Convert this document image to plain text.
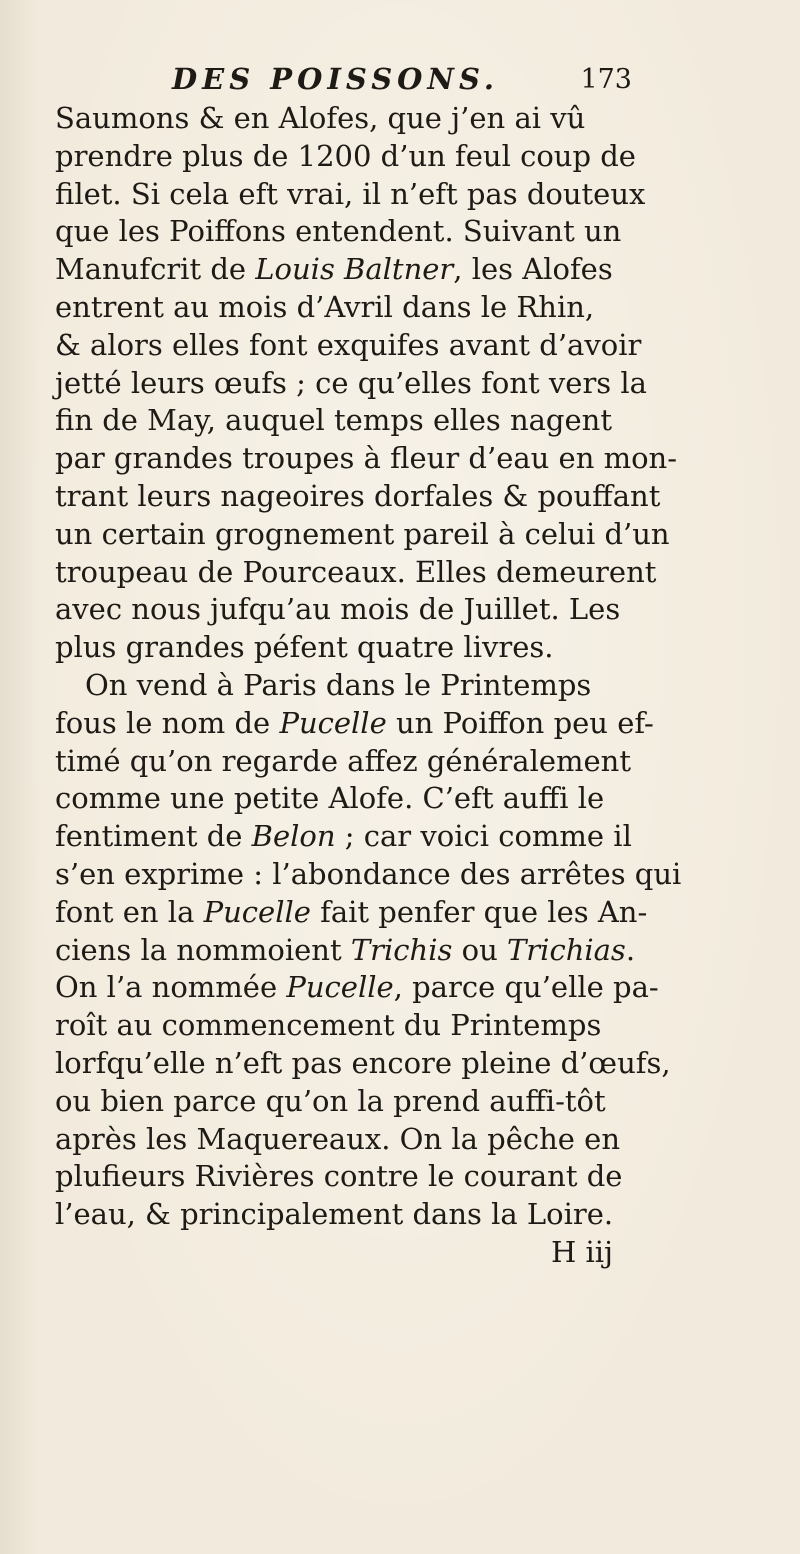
DES POISSONS.	173
Saumons & en Alofes, que j’en ai vû
prendre plus de 1200 d’un feul coup de
filet. Si cela eft vrai, il n’eft pas douteux
que les Poiffons entendent. Suivant un
Manufcrit de Louis Baltner, les Alofes
entrent au mois d’Avril dans le Rhin,
& alors elles font exquifes avant d’avoir
jetté leurs œufs ; ce qu’elles font vers la
fin de May, auquel temps elles nagent
par grandes troupes à fleur d’eau en mon-
trant leurs nageoires dorfales & pouffant
un certain grognement pareil à celui d’un
troupeau de Pourceaux. Elles demeurent
avec nous jufqu’au mois de Juillet. Les
plus grandes péfent quatre livres.
On vend à Paris dans le Printemps
fous le nom de Pucelle un Poiffon peu ef-
timé qu’on regarde affez généralement
comme une petite Alofe. C’eft auffi le
fentiment de Belon ; car voici comme il
s’en exprime : l’abondance des arrêtes qui
font en la Pucelle fait penfer que les An-
ciens la nommoient Trichis ou Trichias.
On l’a nommée Pucelle, parce qu’elle pa-
roît au commencement du Printemps
lorfqu’elle n’eft pas encore pleine d’œufs,
ou bien parce qu’on la prend auffi-tôt
après les Maquereaux. On la pêche en
plufieurs Rivières contre le courant de
l’eau, & principalement dans la Loire.
H iij
